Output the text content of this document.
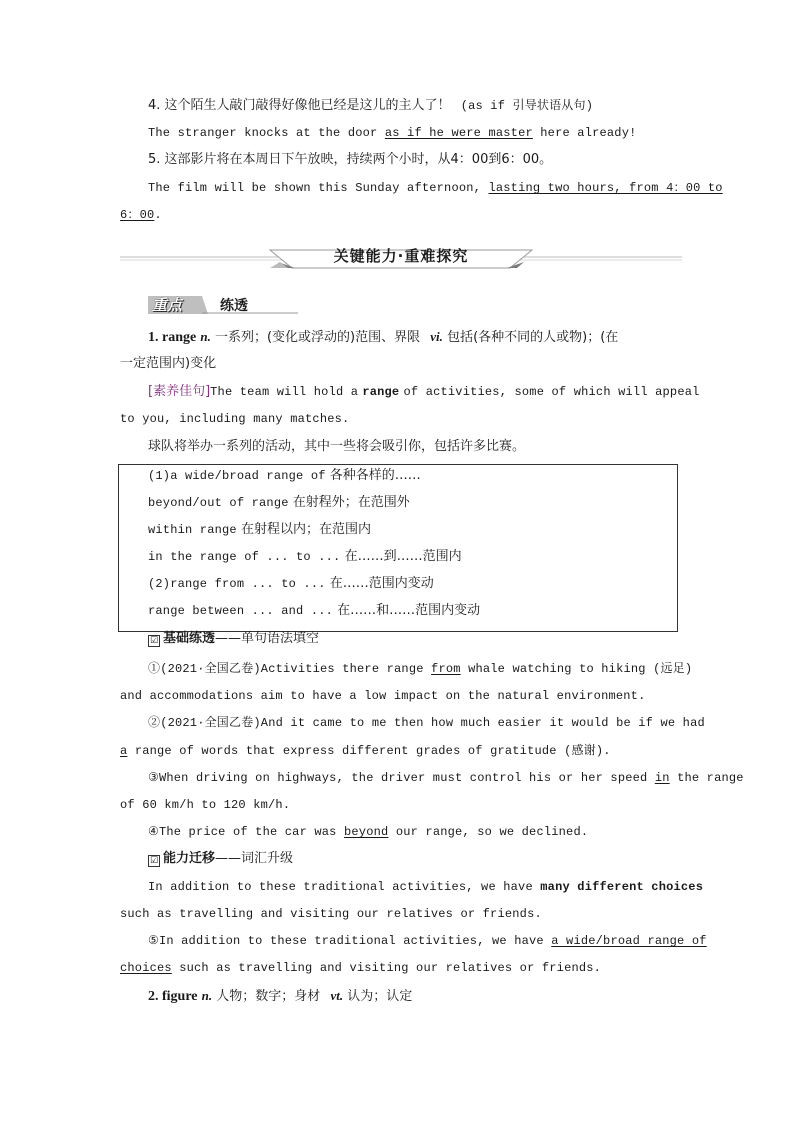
4. 这个陌生人敲门敲得好像他已经是这儿的主人了！ (as if 引导状语从句)
The stranger knocks at the door as if he were master here already!
5. 这部影片将在本周日下午放映，持续两个小时，从4：00到6：00。
The film will be shown this Sunday afternoon, lasting two hours, from 4：00 to
6：00.
关键能力·重难探究
重点	练透
1. range n. 一系列；(变化或浮动的)范围、界限 vi. 包括(各种不同的人或物)；(在
一定范围内)变化
[素养佳句]The team will hold a range of activities, some of which will appeal
to you, including many matches.
球队将举办一系列的活动，其中一些将会吸引你，包括许多比赛。
(1)a wide/broad range of 各种各样的……
beyond/out of range 在射程外；在范围外
within range 在射程以内；在范围内
in the range of ... to ... 在……到……范围内
(2)range from ... to ... 在……范围内变动
range between ... and ... 在……和……范围内变动
☑ 基础练透——单句语法填空
①(2021·全国乙卷)Activities there range from whale watching to hiking (远足)
and accommodations aim to have a low impact on the natural environment.
②(2021·全国乙卷)And it came to me then how much easier it would be if we had
a range of words that express different grades of gratitude (感谢).
③When driving on highways, the driver must control his or her speed in the range
of 60 km/h to 120 km/h.
④The price of the car was beyond our range, so we declined.
☑ 能力迁移——词汇升级
In addition to these traditional activities, we have many different choices
such as travelling and visiting our relatives or friends.
⑤In addition to these traditional activities, we have a wide/broad range of
choices such as travelling and visiting our relatives or friends.
2. figure n. 人物；数字；身材 vt. 认为；认定
